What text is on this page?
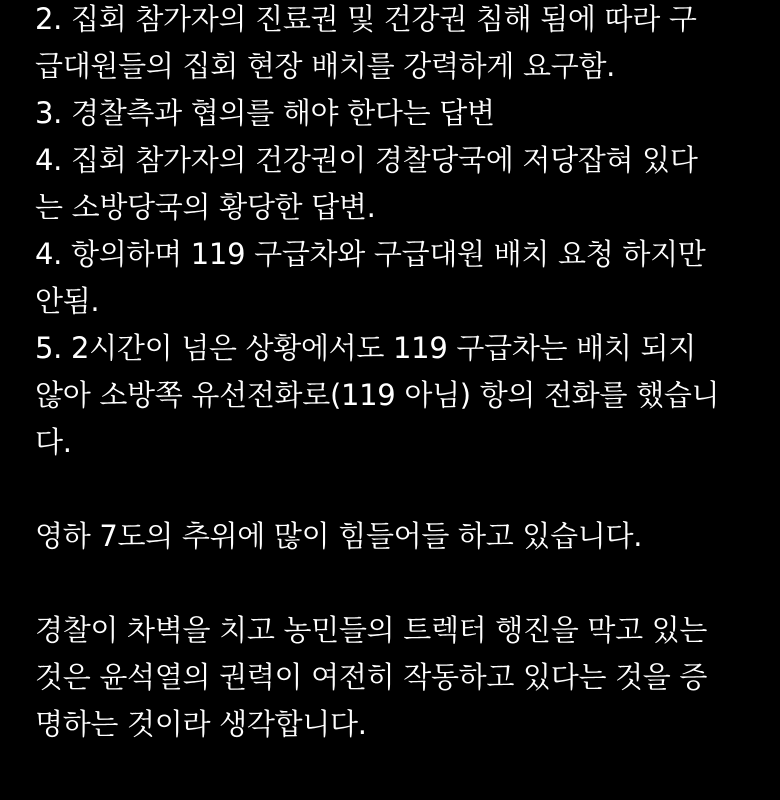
2. 집회 참가자의 진료권 및 건강권 침해 됨에 따라 구
급대원들의 집회 현장 배치를 강력하게 요구함.
3. 경찰측과 협의를 해야 한다는 답변
4. 집회 참가자의 건강권이 경찰당국에 저당잡혀 있다
는 소방당국의 황당한 답변.
4. 항의하며 119 구급차와 구급대원 배치 요청 하지만
안됨.
5. 2시간이 넘은 상황에서도 119 구급차는 배치 되지
않아 소방쪽 유선전화로(119 아님) 항의 전화를 했습니
다.
영하 7도의 추위에 많이 힘들어들 하고 있습니다.
경찰이 차벽을 치고 농민들의 트렉터 행진을 막고 있는
것은 윤석열의 권력이 여전히 작동하고 있다는 것을 증
명하는 것이라 생각합니다.
